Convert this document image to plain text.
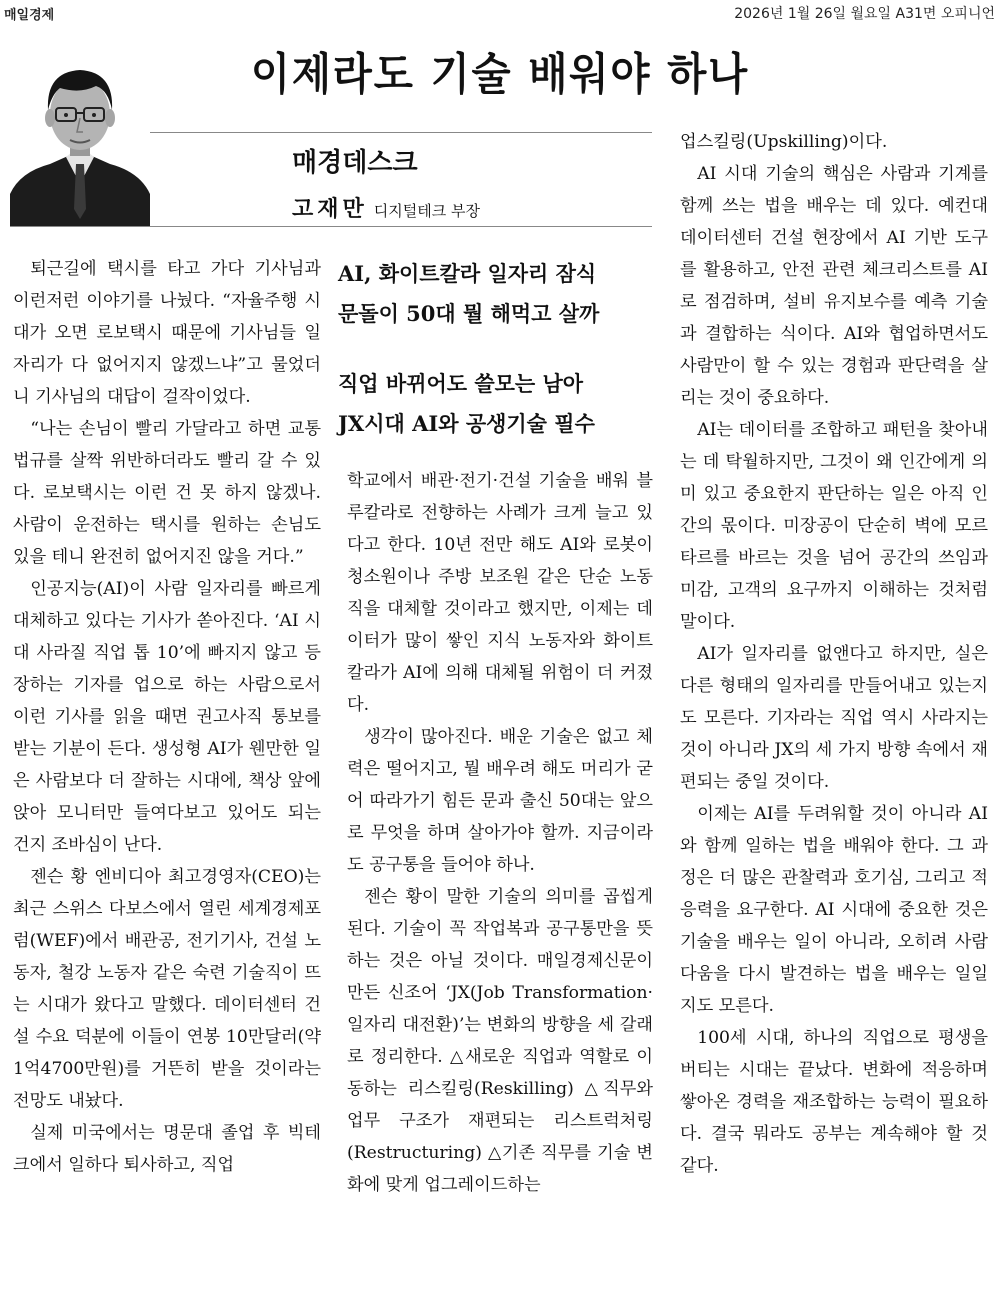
매일경제	2026년 1월 26일 월요일 A31면 오피니언
이제라도 기술 배워야 하나
매경데스크
고재만 디지털테크 부장
AI, 화이트칼라 일자리 잠식
문돌이 50대 뭘 해먹고 살까
직업 바뀌어도 쓸모는 남아
JX시대 AI와 공생기술 필수

퇴근길에 택시를 타고 가다 기사님과 이런저런 이야기를 나눴다. “자율주행 시대가 오면 로보택시 때문에 기사님들 일자리가 다 없어지지 않겠느냐”고 물었더니 기사님의 대답이 걸작이었다.

“나는 손님이 빨리 가달라고 하면 교통법규를 살짝 위반하더라도 빨리 갈 수 있다. 로보택시는 이런 건 못 하지 않겠나. 사람이 운전하는 택시를 원하는 손님도 있을 테니 완전히 없어지진 않을 거다.”

인공지능(AI)이 사람 일자리를 빠르게 대체하고 있다는 기사가 쏟아진다. ‘AI 시대 사라질 직업 톱 10’에 빠지지 않고 등장하는 기자를 업으로 하는 사람으로서 이런 기사를 읽을 때면 권고사직 통보를 받는 기분이 든다. 생성형 AI가 웬만한 일은 사람보다 더 잘하는 시대에, 책상 앞에 앉아 모니터만 들여다보고 있어도 되는 건지 조바심이 난다.

젠슨 황 엔비디아 최고경영자(CEO)는 최근 스위스 다보스에서 열린 세계경제포럼(WEF)에서 배관공, 전기기사, 건설 노동자, 철강 노동자 같은 숙련 기술직이 뜨는 시대가 왔다고 말했다. 데이터센터 건설 수요 덕분에 이들이 연봉 10만달러(약 1억4700만원)를 거뜬히 받을 것이라는 전망도 내놨다.

실제 미국에서는 명문대 졸업 후 빅테크에서 일하다 퇴사하고, 직업

학교에서 배관·전기·건설 기술을 배워 블루칼라로 전향하는 사례가 크게 늘고 있다고 한다. 10년 전만 해도 AI와 로봇이 청소원이나 주방 보조원 같은 단순 노동직을 대체할 것이라고 했지만, 이제는 데이터가 많이 쌓인 지식 노동자와 화이트칼라가 AI에 의해 대체될 위험이 더 커졌다.

생각이 많아진다. 배운 기술은 없고 체력은 떨어지고, 뭘 배우려 해도 머리가 굳어 따라가기 힘든 문과 출신 50대는 앞으로 무엇을 하며 살아가야 할까. 지금이라도 공구통을 들어야 하나.

젠슨 황이 말한 기술의 의미를 곱씹게 된다. 기술이 꼭 작업복과 공구통만을 뜻하는 것은 아닐 것이다. 매일경제신문이 만든 신조어 ‘JX(Job Transformation·일자리 대전환)’는 변화의 방향을 세 갈래로 정리한다. △새로운 직업과 역할로 이동하는 리스킬링(Reskilling) △직무와 업무 구조가 재편되는 리스트럭처링(Restructuring) △기존 직무를 기술 변화에 맞게 업그레이드하는

업스킬링(Upskilling)이다.

AI 시대 기술의 핵심은 사람과 기계를 함께 쓰는 법을 배우는 데 있다. 예컨대 데이터센터 건설 현장에서 AI 기반 도구를 활용하고, 안전 관련 체크리스트를 AI로 점검하며, 설비 유지보수를 예측 기술과 결합하는 식이다. AI와 협업하면서도 사람만이 할 수 있는 경험과 판단력을 살리는 것이 중요하다.

AI는 데이터를 조합하고 패턴을 찾아내는 데 탁월하지만, 그것이 왜 인간에게 의미 있고 중요한지 판단하는 일은 아직 인간의 몫이다. 미장공이 단순히 벽에 모르타르를 바르는 것을 넘어 공간의 쓰임과 미감, 고객의 요구까지 이해하는 것처럼 말이다.

AI가 일자리를 없앤다고 하지만, 실은 다른 형태의 일자리를 만들어내고 있는지도 모른다. 기자라는 직업 역시 사라지는 것이 아니라 JX의 세 가지 방향 속에서 재편되는 중일 것이다.

이제는 AI를 두려워할 것이 아니라 AI와 함께 일하는 법을 배워야 한다. 그 과정은 더 많은 관찰력과 호기심, 그리고 적응력을 요구한다. AI 시대에 중요한 것은 기술을 배우는 일이 아니라, 오히려 사람다움을 다시 발견하는 법을 배우는 일일지도 모른다.

100세 시대, 하나의 직업으로 평생을 버티는 시대는 끝났다. 변화에 적응하며 쌓아온 경력을 재조합하는 능력이 필요하다. 결국 뭐라도 공부는 계속해야 할 것 같다.
